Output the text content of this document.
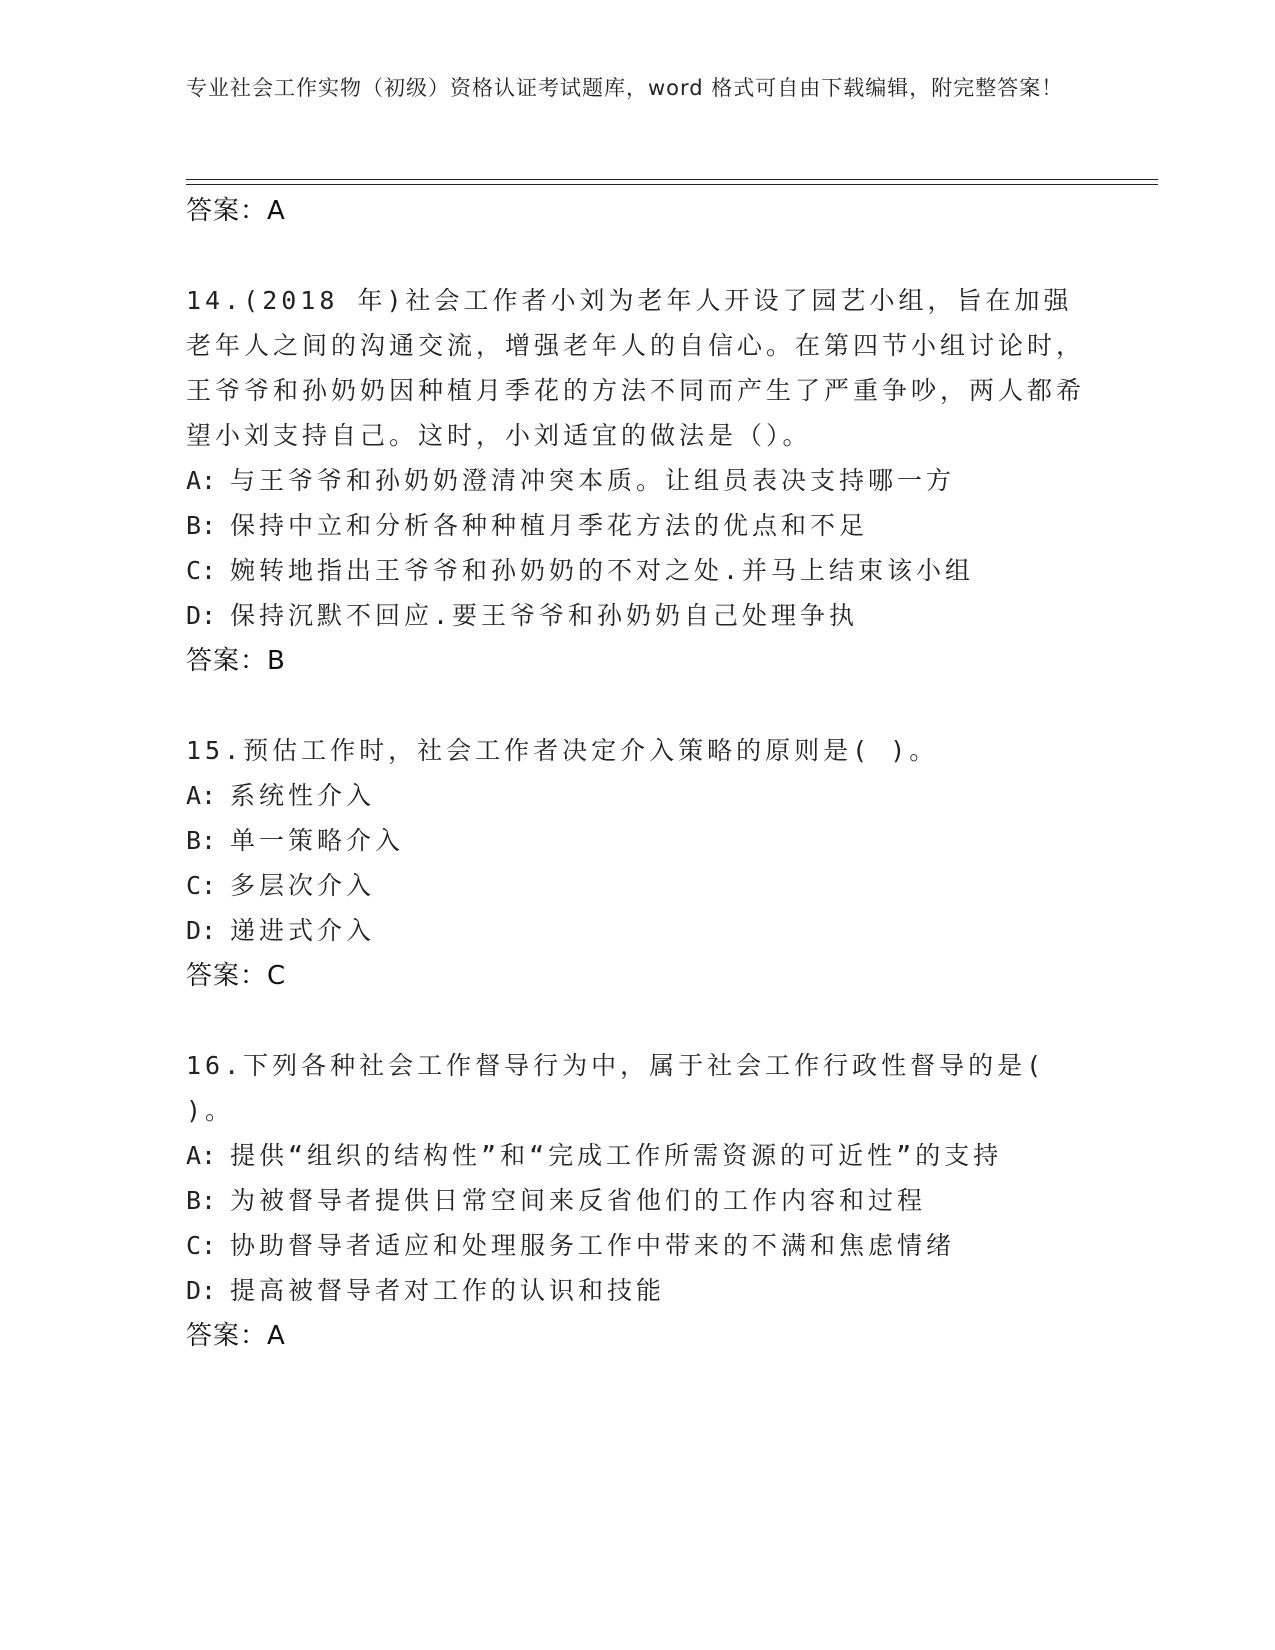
专业社会工作实物（初级）资格认证考试题库，word 格式可自由下载编辑，附完整答案！
答案：A

14.(2018 年)社会工作者小刘为老年人开设了园艺小组，旨在加强老年人之间的沟通交流，增强老年人的自信心。在第四节小组讨论时，王爷爷和孙奶奶因种植月季花的方法不同而产生了严重争吵，两人都希望小刘支持自己。这时，小刘适宜的做法是（）。

A: 与王爷爷和孙奶奶澄清冲突本质。让组员表决支持哪一方
B: 保持中立和分析各种种植月季花方法的优点和不足
C: 婉转地指出王爷爷和孙奶奶的不对之处.并马上结束该小组
D: 保持沉默不回应.要王爷爷和孙奶奶自己处理争执
答案：B

15.预估工作时，社会工作者决定介入策略的原则是( )。

A: 系统性介入
B: 单一策略介入
C: 多层次介入
D: 递进式介入
答案：C

16.下列各种社会工作督导行为中，属于社会工作行政性督导的是( )。

A: 提供“组织的结构性”和“完成工作所需资源的可近性”的支持
B: 为被督导者提供日常空间来反省他们的工作内容和过程
C: 协助督导者适应和处理服务工作中带来的不满和焦虑情绪
D: 提高被督导者对工作的认识和技能
答案：A
